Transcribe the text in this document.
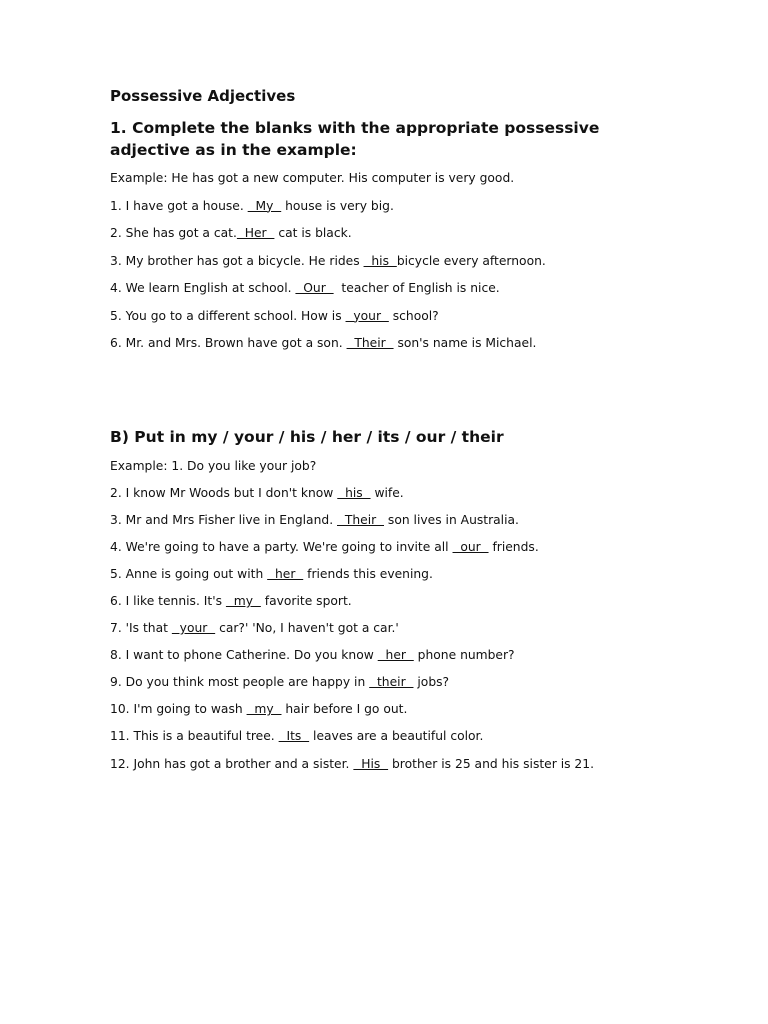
Possessive Adjectives
1. Complete the blanks with the appropriate possessive adjective as in the example:
Example: He has got a new computer. His computer is very good.
1. I have got a house.   My   house is very big.
2. She has got a cat.  Her   cat is black.
3. My brother has got a bicycle. He rides   his  bicycle every afternoon.
4. We learn English at school.   Our    teacher of English is nice.
5. You go to a different school. How is   your   school?
6. Mr. and Mrs. Brown have got a son.   Their   son's name is Michael.
B) Put in my / your / his / her / its / our / their
Example: 1. Do you like your job?
2. I know Mr Woods but I don't know   his   wife.
3. Mr and Mrs Fisher live in England.   Their   son lives in Australia.
4. We're going to have a party. We're going to invite all   our   friends.
5. Anne is going out with   her   friends this evening.
6. I like tennis. It's   my   favorite sport.
7. 'Is that   your   car?' 'No, I haven't got a car.'
8. I want to phone Catherine. Do you know   her   phone number?
9. Do you think most people are happy in   their   jobs?
10. I'm going to wash   my   hair before I go out.
11. This is a beautiful tree.   Its   leaves are a beautiful color.
12. John has got a brother and a sister.   His   brother is 25 and his sister is 21.
